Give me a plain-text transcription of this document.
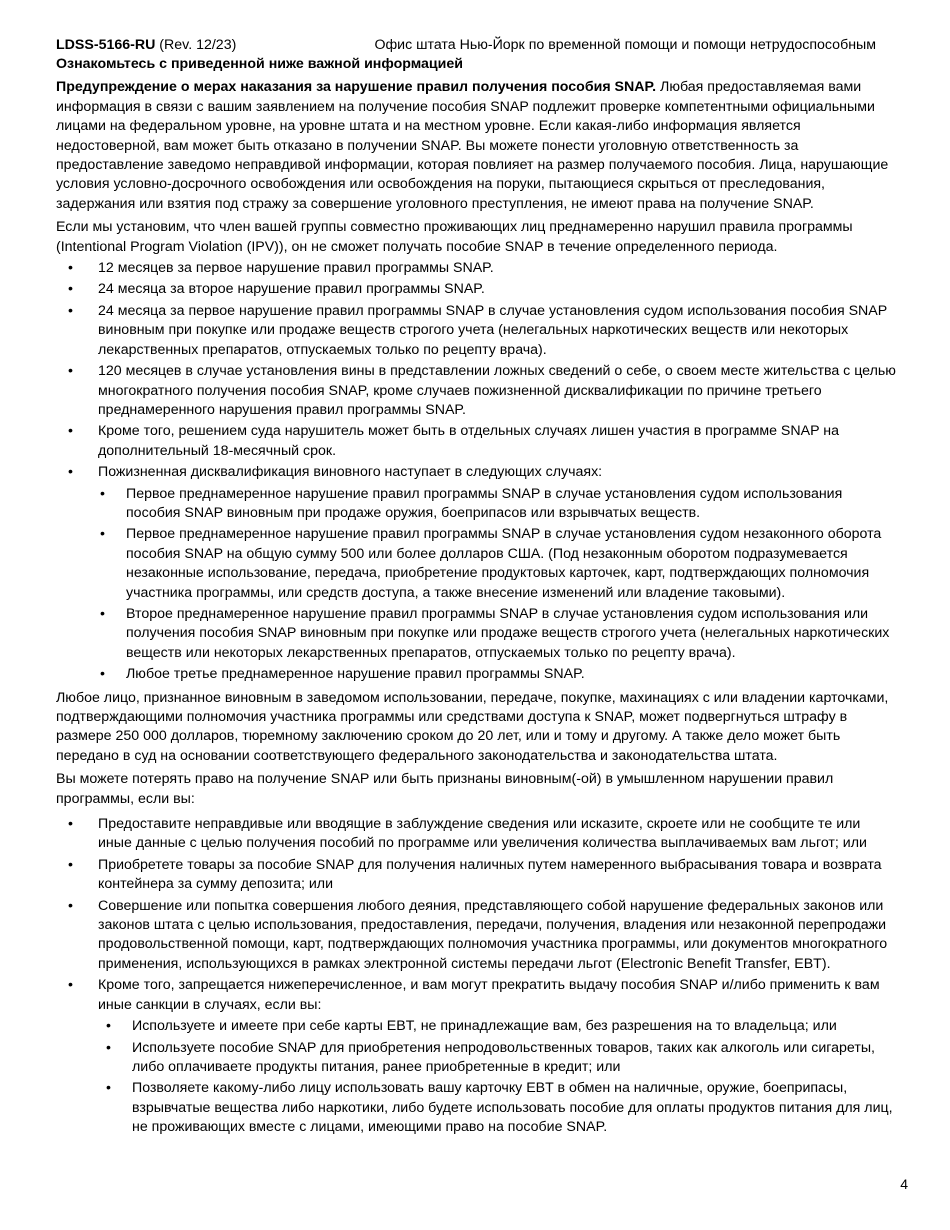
LDSS-5166-RU (Rev. 12/23)	Офис штата Нью-Йорк по временной помощи и помощи нетрудоспособным
Ознакомьтесь с приведенной ниже важной информацией

Предупреждение о мерах наказания за нарушение правил получения пособия SNAP. Любая предоставляемая вами информация в связи с вашим заявлением на получение пособия SNAP подлежит проверке компетентными официальными лицами на федеральном уровне, на уровне штата и на местном уровне. Если какая-либо информация является недостоверной, вам может быть отказано в получении SNAP. Вы можете понести уголовную ответственность за предоставление заведомо неправдивой информации, которая повлияет на размер получаемого пособия. Лица, нарушающие условия условно-досрочного освобождения или освобождения на поруки, пытающиеся скрыться от преследования, задержания или взятия под стражу за совершение уголовного преступления, не имеют права на получение SNAP.

Если мы установим, что член вашей группы совместно проживающих лиц преднамеренно нарушил правила программы (Intentional Program Violation (IPV)), он не сможет получать пособие SNAP в течение определенного периода.

• 12 месяцев за первое нарушение правил программы SNAP.
• 24 месяца за второе нарушение правил программы SNAP.
• 24 месяца за первое нарушение правил программы SNAP в случае установления судом использования пособия SNAP виновным при покупке или продаже веществ строгого учета (нелегальных наркотических веществ или некоторых лекарственных препаратов, отпускаемых только по рецепту врача).
• 120 месяцев в случае установления вины в представлении ложных сведений о себе, о своем месте жительства с целью многократного получения пособия SNAP, кроме случаев пожизненной дисквалификации по причине третьего преднамеренного нарушения правил программы SNAP.
• Кроме того, решением суда нарушитель может быть в отдельных случаях лишен участия в программе SNAP на дополнительный 18-месячный срок.
• Пожизненная дисквалификация виновного наступает в следующих случаях:
• Первое преднамеренное нарушение правил программы SNAP в случае установления судом использования пособия SNAP виновным при продаже оружия, боеприпасов или взрывчатых веществ.
• Первое преднамеренное нарушение правил программы SNAP в случае установления судом незаконного оборота пособия SNAP на общую сумму 500 или более долларов США. (Под незаконным оборотом подразумевается незаконные использование, передача, приобретение продуктовых карточек, карт, подтверждающих полномочия участника программы, или средств доступа, а также внесение изменений или владение таковыми).
• Второе преднамеренное нарушение правил программы SNAP в случае установления судом использования или получения пособия SNAP виновным при покупке или продаже веществ строгого учета (нелегальных наркотических веществ или некоторых лекарственных препаратов, отпускаемых только по рецепту врача).
• Любое третье преднамеренное нарушение правил программы SNAP.

Любое лицо, признанное виновным в заведомом использовании, передаче, покупке, махинациях с или владении карточками, подтверждающими полномочия участника программы или средствами доступа к SNAP, может подвергнуться штрафу в размере 250 000 долларов, тюремному заключению сроком до 20 лет, или и тому и другому. А также дело может быть передано в суд на основании соответствующего федерального законодательства и законодательства штата.

Вы можете потерять право на получение SNAP или быть признаны виновным(-ой) в умышленном нарушении правил программы, если вы:

• Предоставите неправдивые или вводящие в заблуждение сведения или исказите, скроете или не сообщите те или иные данные с целью получения пособий по программе или увеличения количества выплачиваемых вам льгот; или
• Приобретете товары за пособие SNAP для получения наличных путем намеренного выбрасывания товара и возврата контейнера за сумму депозита; или
• Совершение или попытка совершения любого деяния, представляющего собой нарушение федеральных законов или законов штата с целью использования, предоставления, передачи, получения, владения или незаконной перепродажи продовольственной помощи, карт, подтверждающих полномочия участника программы, или документов многократного применения, использующихся в рамках электронной системы передачи льгот (Electronic Benefit Transfer, EBT).
• Кроме того, запрещается нижеперечисленное, и вам могут прекратить выдачу пособия SNAP и/либо применить к вам иные санкции в случаях, если вы:
• Используете и имеете при себе карты EBT, не принадлежащие вам, без разрешения на то владельца; или
• Используете пособие SNAP для приобретения непродовольственных товаров, таких как алкоголь или сигареты, либо оплачиваете продукты питания, ранее приобретенные в кредит; или
• Позволяете какому-либо лицу использовать вашу карточку EBT в обмен на наличные, оружие, боеприпасы, взрывчатые вещества либо наркотики, либо будете использовать пособие для оплаты продуктов питания для лиц, не проживающих вместе с лицами, имеющими право на пособие SNAP.
4
